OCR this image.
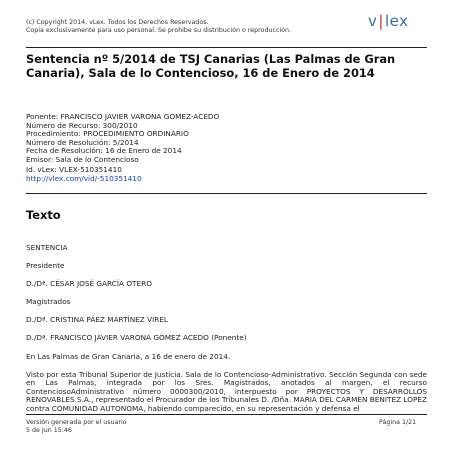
(c) Copyright 2014, vLex. Todos los Derechos Reservados.
Copia exclusivamente para uso personal. Se prohibe su distribución o reproducción.
v|lex
Sentencia nº 5/2014 de TSJ Canarias (Las Palmas de Gran Canaria), Sala de lo Contencioso, 16 de Enero de 2014
Ponente: FRANCISCO JAVIER VARONA GOMEZ-ACEDO
Número de Recurso: 300/2010
Procedimiento: PROCEDIMIENTO ORDINARIO
Número de Resolución: 5/2014
Fecha de Resolución: 16 de Enero de 2014
Emisor: Sala de lo Contencioso
Id. vLex: VLEX-510351410
http://vlex.com/vid/-510351410
Texto

SENTENCIA

Presidente

D./Dª. CÉSAR JOSÉ GARCÍA OTERO

Magistrados

D./Dª. CRISTINA PÁEZ MARTÍNEZ VIREL

D./Dª. FRANCISCO JAVIER VARONA GÓMEZ ACEDO (Ponente)

En Las Palmas de Gran Canaria, a 16 de enero de 2014.

Visto por esta Tribunal Superior de Justicia. Sala de lo Contencioso-Administrativo. Sección Segunda con sede en Las Palmas, integrada por los Sres. Magistrados, anotados al margen, el recurso ContenciosoAdministrativo número 0000300/2010, interpuesto por PROYECTOS Y DESARROLLOS RENOVABLES S.A., representado el Procurador de los Tribunales D. /Dña. MARIA DEL CARMEN BENITEZ LOPEZ contra COMUNIDAD AUTONOMA, habiendo comparecido, en su representación y defensa el

Versión generada por el usuario
5 de Jun 15:46
Página 1/21
